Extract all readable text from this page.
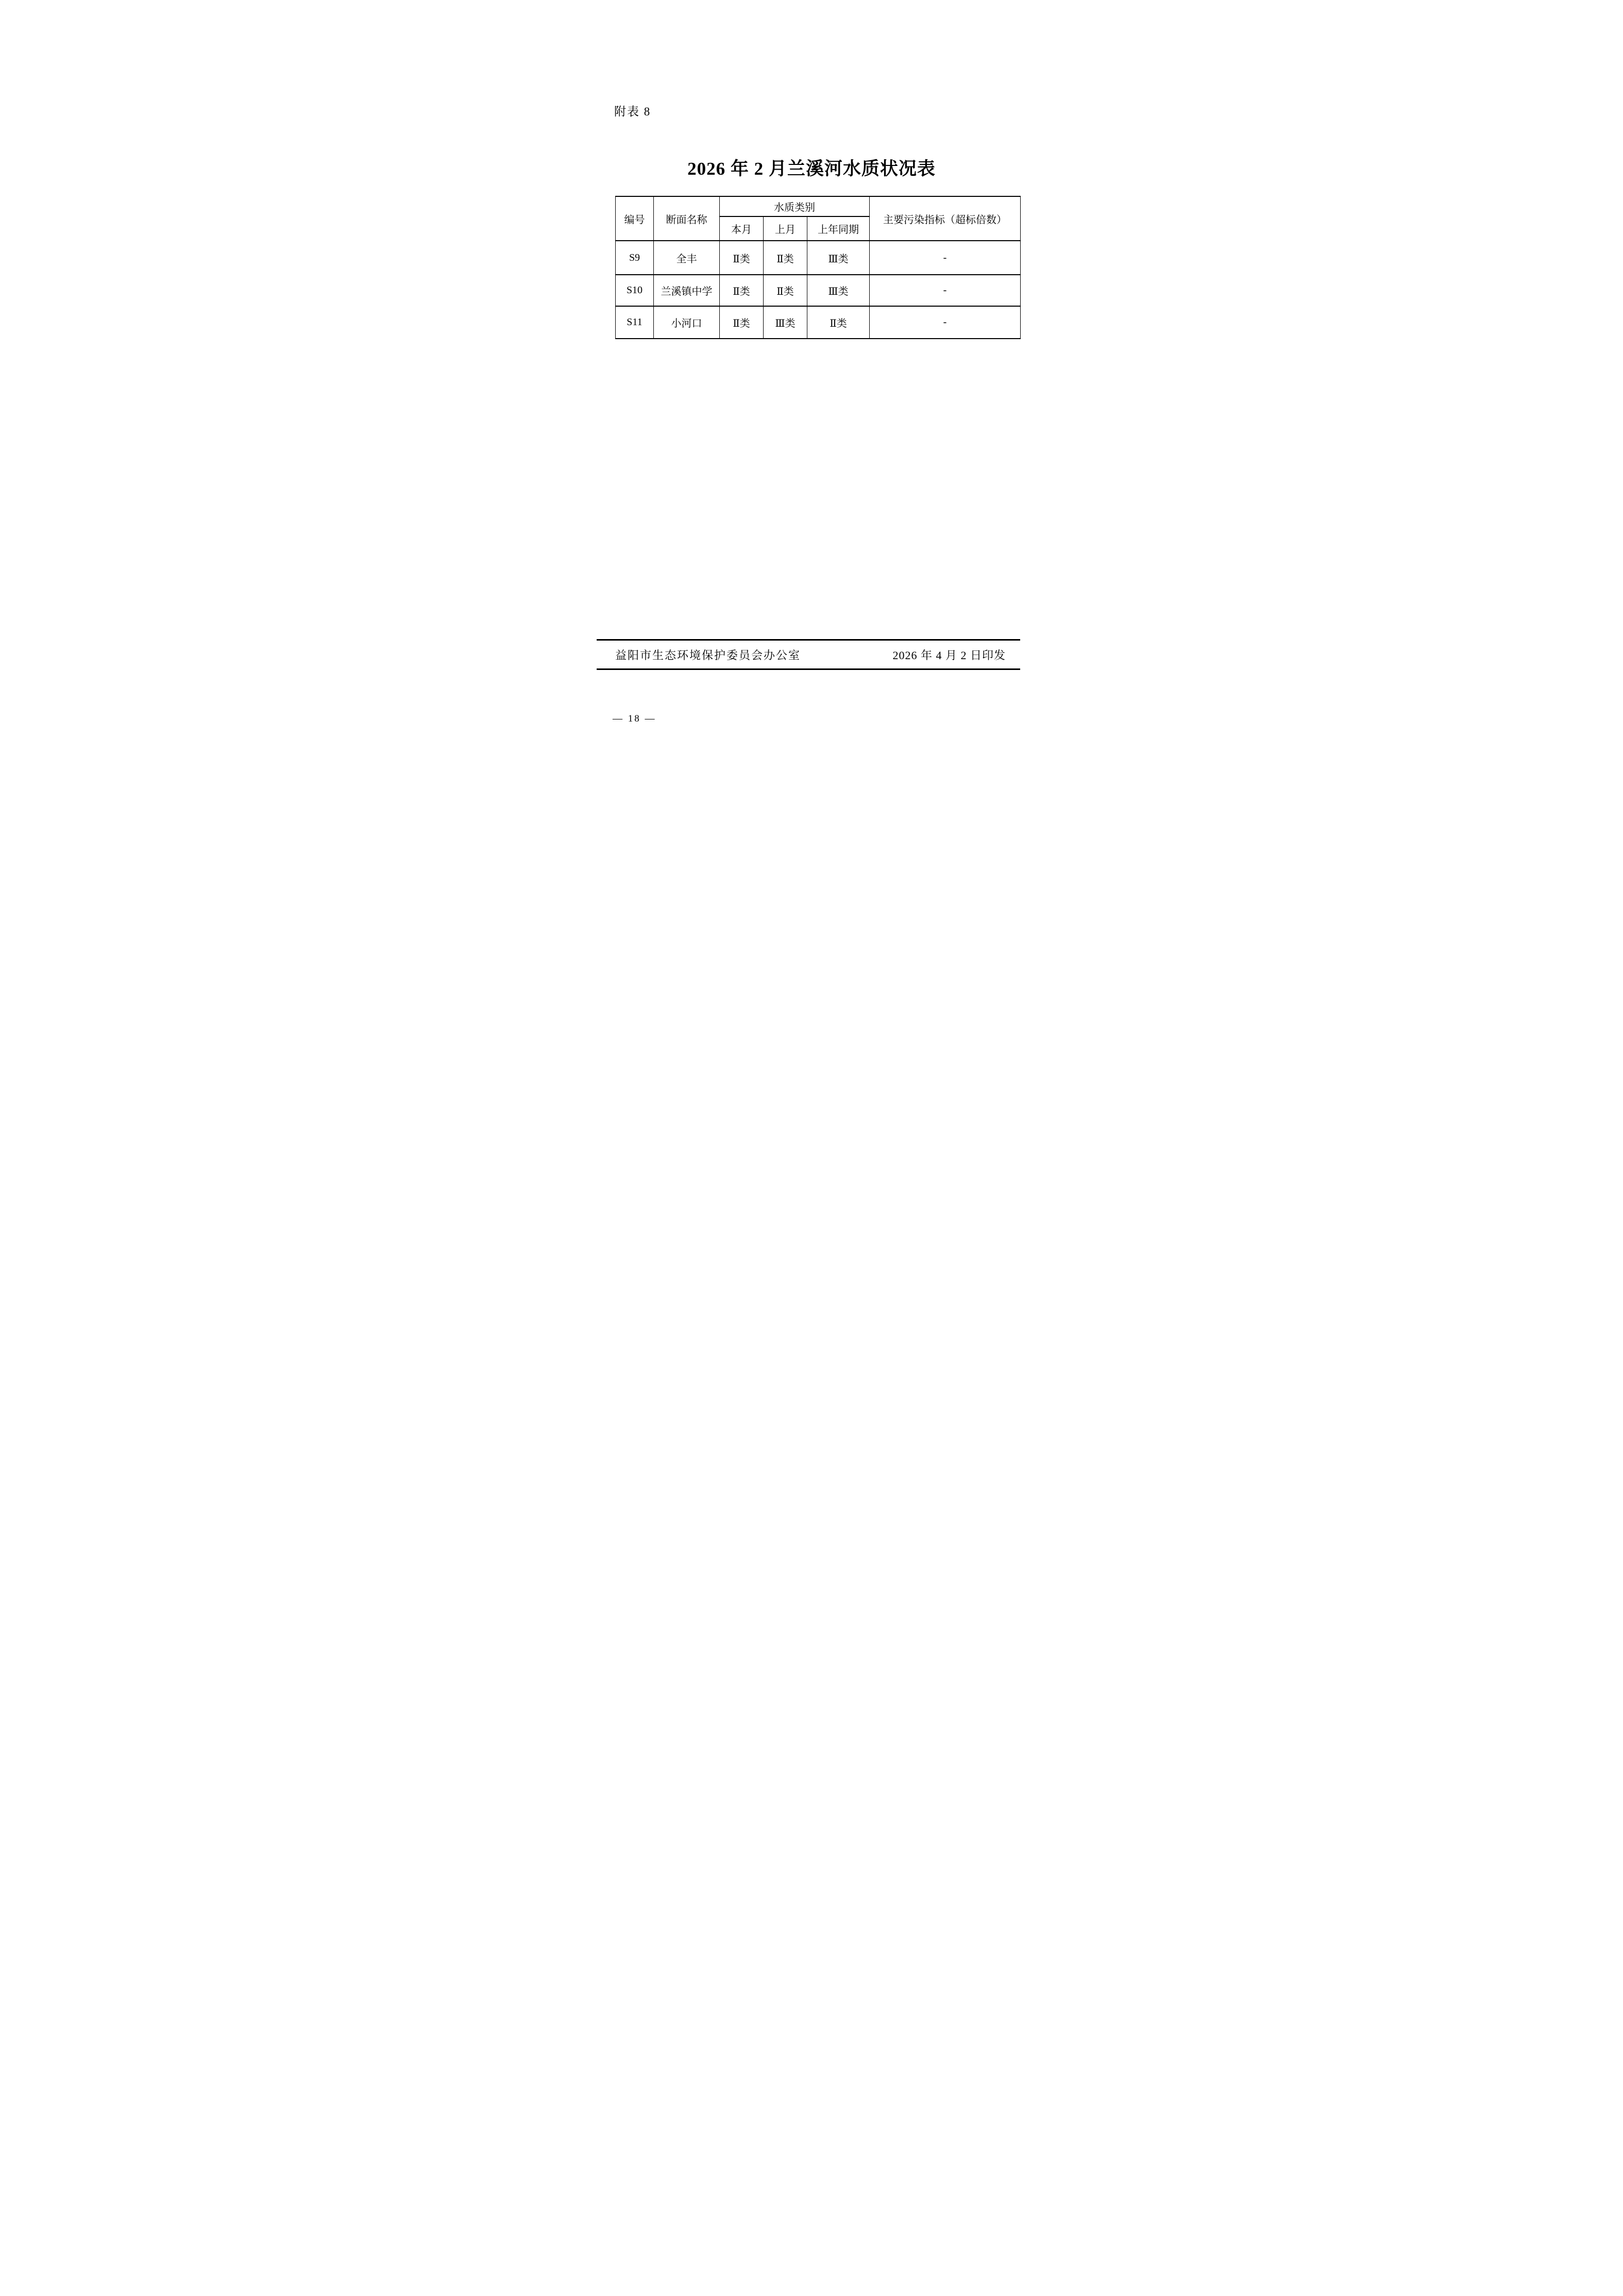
附表 8
2026 年 2 月兰溪河水质状况表
编号	断面名称	水质类别			主要污染指标（超标倍数）
		本月	上月	上年同期	
S9	全丰	Ⅱ类	Ⅱ类	Ⅲ类	-
S10	兰溪镇中学	Ⅱ类	Ⅱ类	Ⅲ类	-
S11	小河口	Ⅱ类	Ⅲ类	Ⅱ类	-
益阳市生态环境保护委员会办公室	2026 年 4 月 2 日印发
— 18 —
